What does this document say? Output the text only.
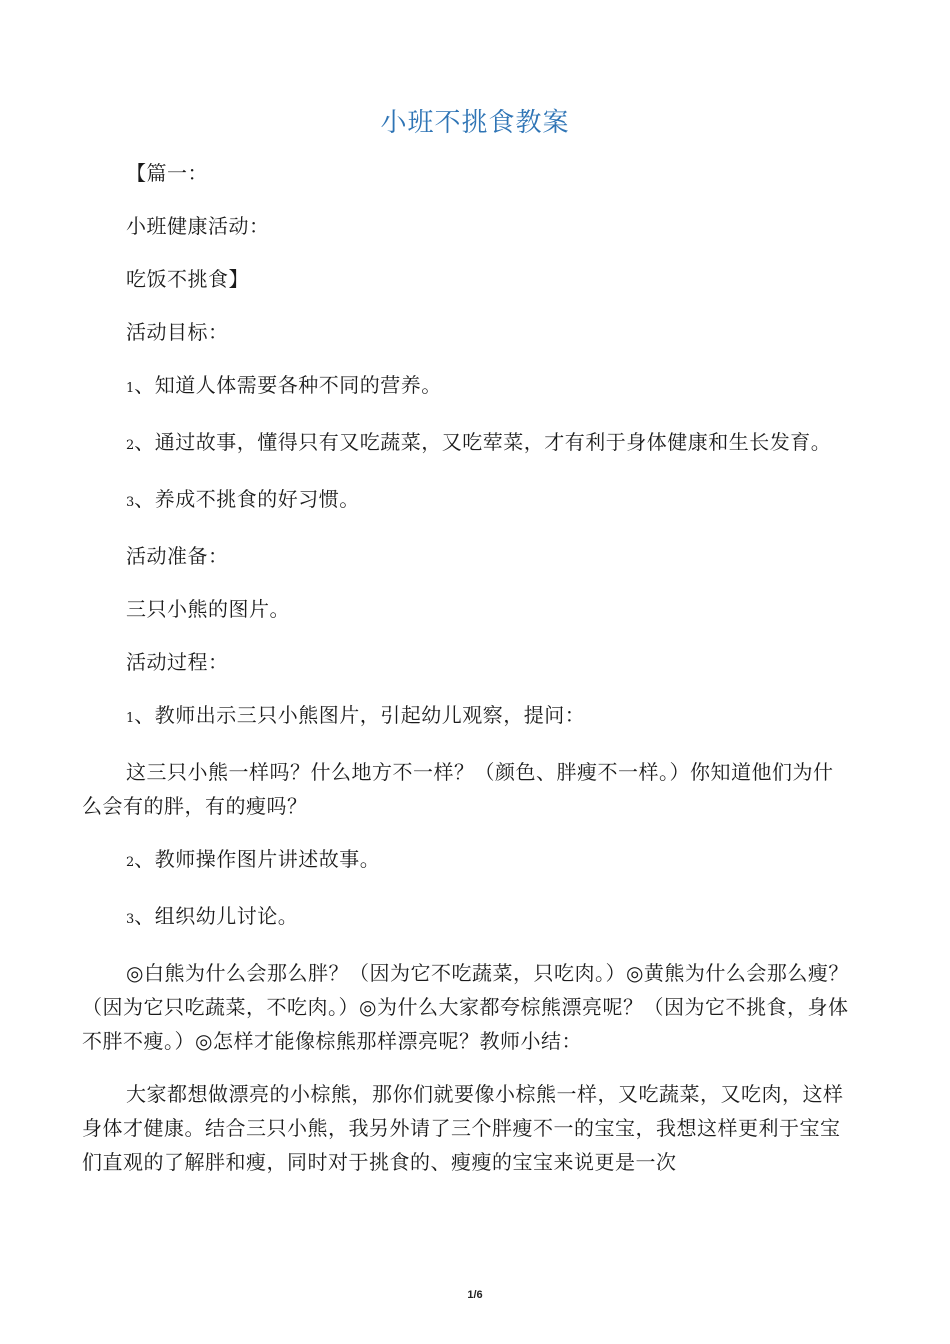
小班不挑食教案

【篇一：

小班健康活动：

吃饭不挑食】

活动目标：

1、知道人体需要各种不同的营养。

2、通过故事，懂得只有又吃蔬菜，又吃荤菜，才有利于身体健康和生长发育。

3、养成不挑食的好习惯。

活动准备：

三只小熊的图片。

活动过程：

1、教师出示三只小熊图片，引起幼儿观察，提问：

这三只小熊一样吗？什么地方不一样？（颜色、胖瘦不一样。）你知道他们为什么会有的胖，有的瘦吗？

2、教师操作图片讲述故事。

3、组织幼儿讨论。

◎白熊为什么会那么胖？（因为它不吃蔬菜，只吃肉。）◎黄熊为什么会那么瘦？（因为它只吃蔬菜，不吃肉。）◎为什么大家都夸棕熊漂亮呢？（因为它不挑食，身体不胖不瘦。）◎怎样才能像棕熊那样漂亮呢？教师小结：

大家都想做漂亮的小棕熊，那你们就要像小棕熊一样，又吃蔬菜，又吃肉，这样身体才健康。结合三只小熊，我另外请了三个胖瘦不一的宝宝，我想这样更利于宝宝们直观的了解胖和瘦，同时对于挑食的、瘦瘦的宝宝来说更是一次

1/6
